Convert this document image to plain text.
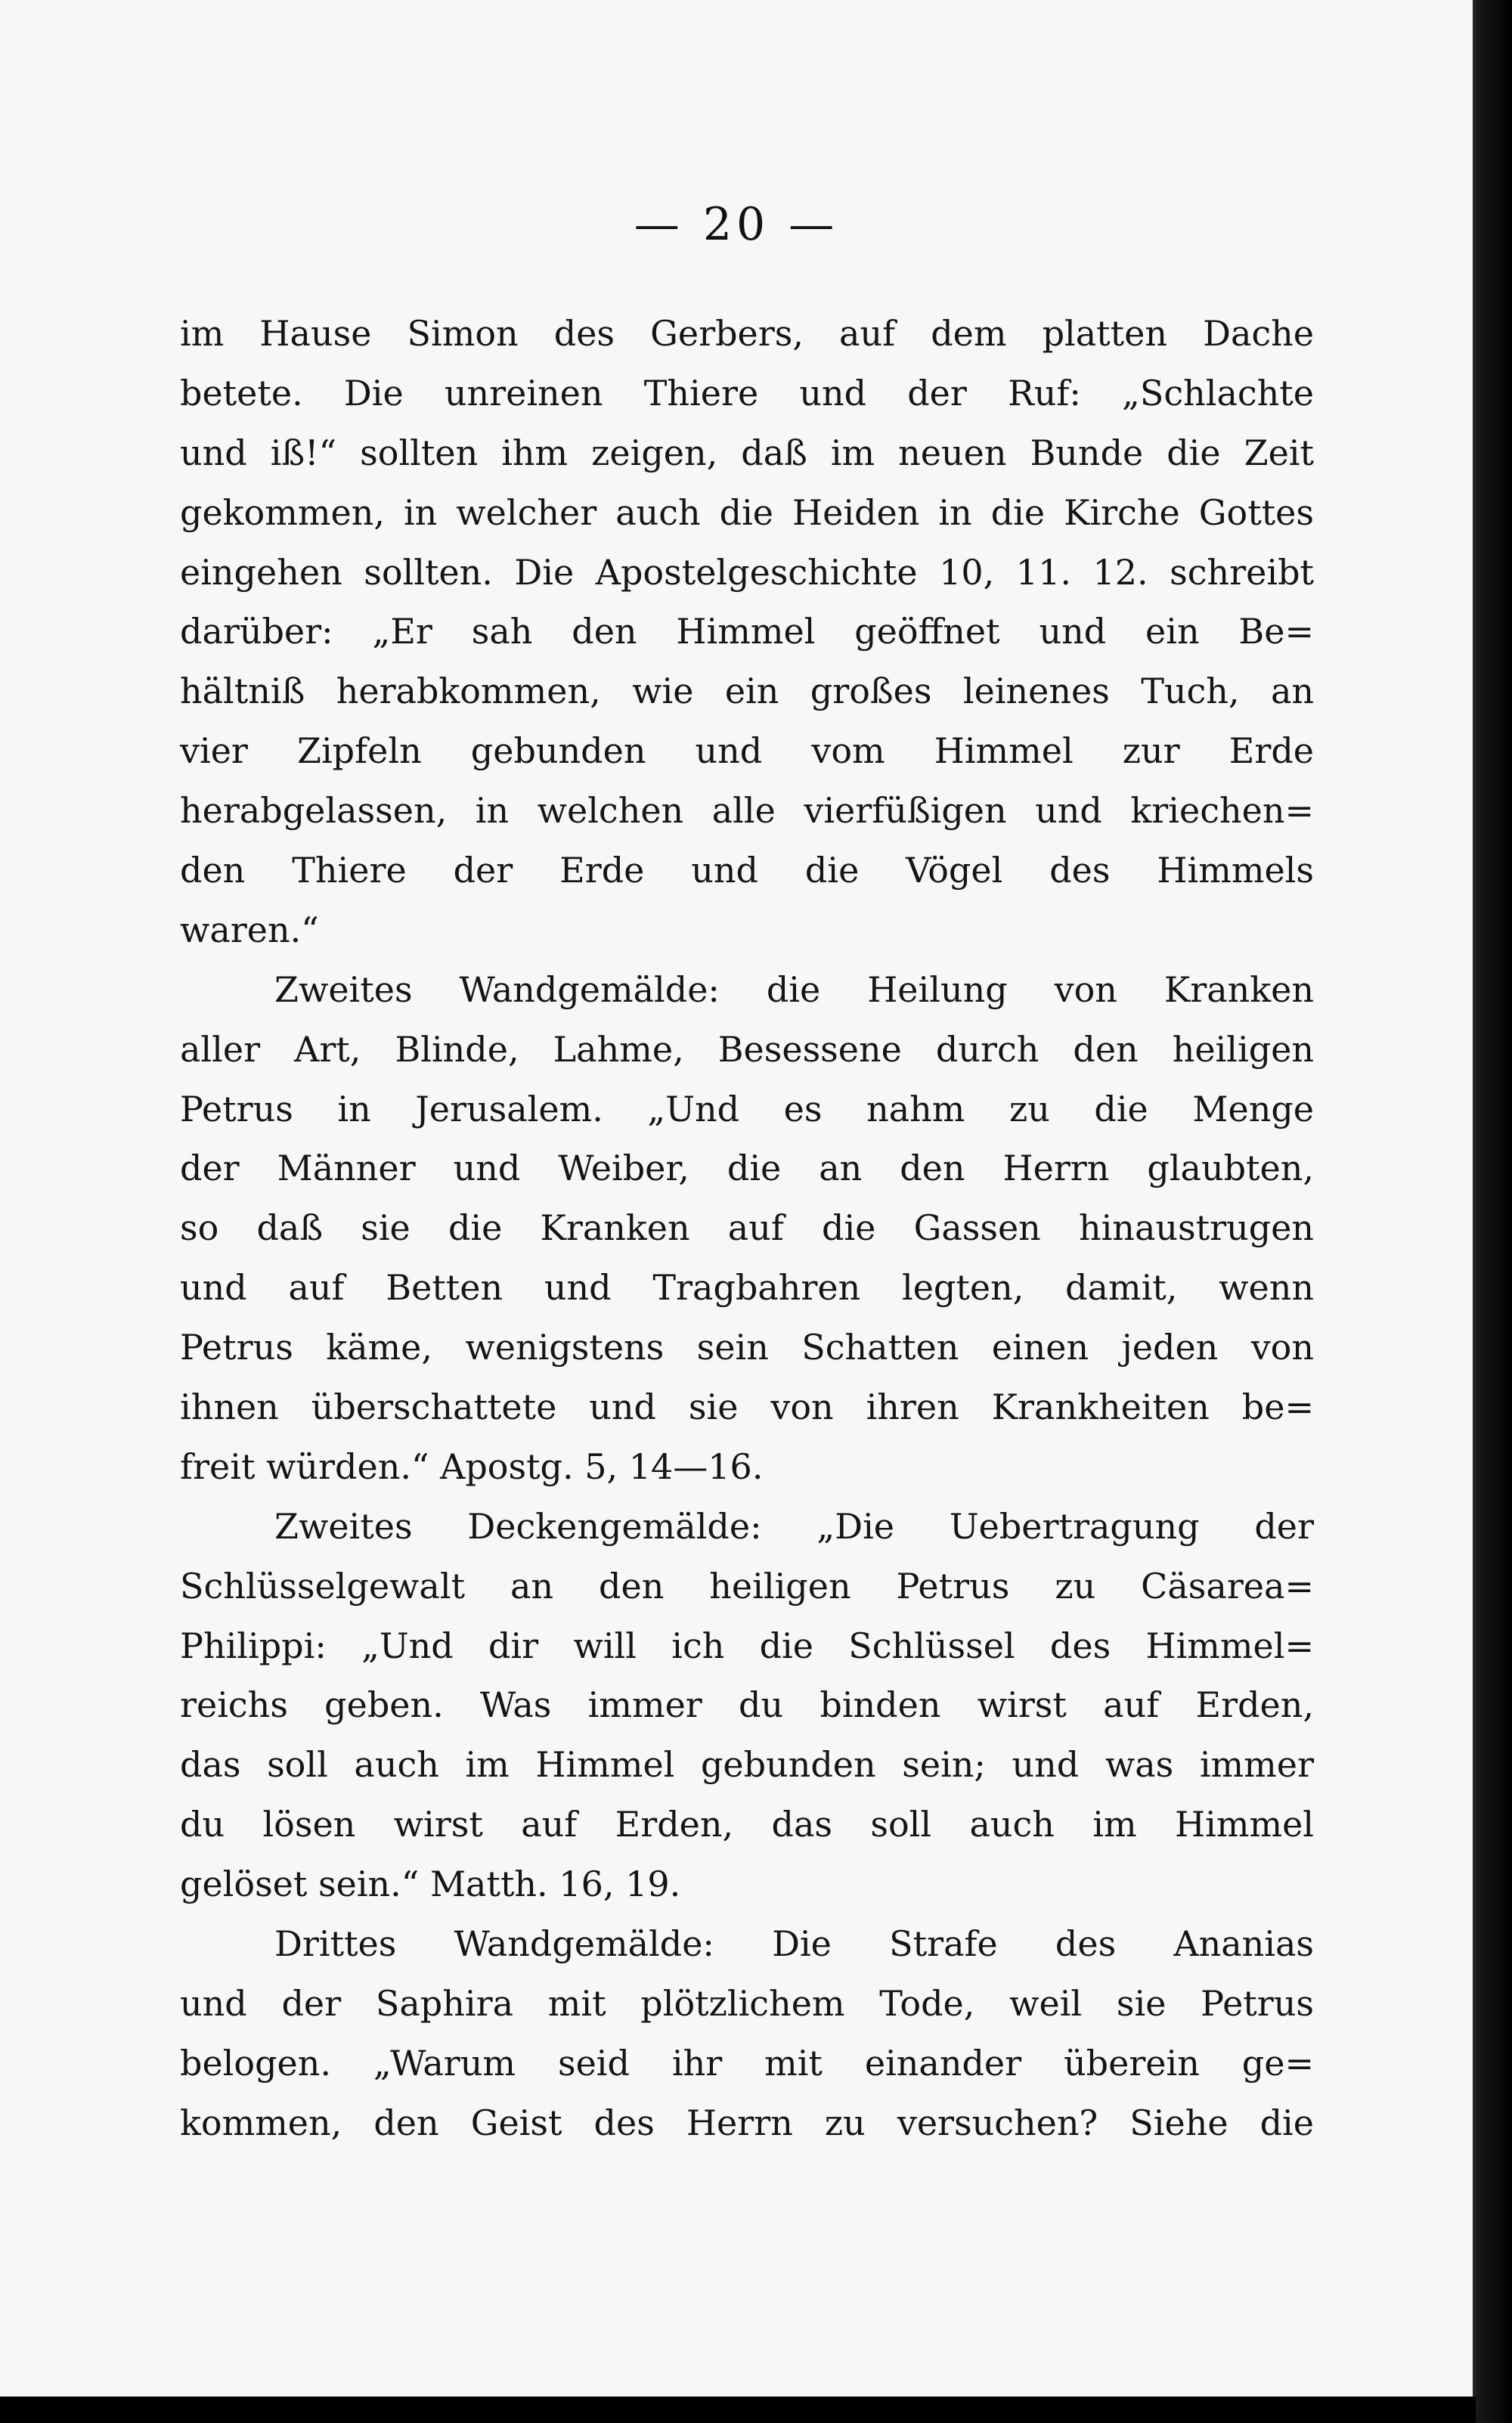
— 20 —
im Hause Simon des Gerbers, auf dem platten Dache
betete. Die unreinen Thiere und der Ruf: „Schlachte
und iß!“ sollten ihm zeigen, daß im neuen Bunde die Zeit
gekommen, in welcher auch die Heiden in die Kirche Gottes
eingehen sollten. Die Apostelgeschichte 10, 11. 12. schreibt
darüber: „Er sah den Himmel geöffnet und ein Be=
hältniß herabkommen, wie ein großes leinenes Tuch, an
vier Zipfeln gebunden und vom Himmel zur Erde
herabgelassen, in welchen alle vierfüßigen und kriechen=
den Thiere der Erde und die Vögel des Himmels
waren.“
Zweites Wandgemälde: die Heilung von Kranken
aller Art, Blinde, Lahme, Besessene durch den heiligen
Petrus in Jerusalem. „Und es nahm zu die Menge
der Männer und Weiber, die an den Herrn glaubten,
so daß sie die Kranken auf die Gassen hinaustrugen
und auf Betten und Tragbahren legten, damit, wenn
Petrus käme, wenigstens sein Schatten einen jeden von
ihnen überschattete und sie von ihren Krankheiten be=
freit würden.“ Apostg. 5, 14—16.
Zweites Deckengemälde: „Die Uebertragung der
Schlüsselgewalt an den heiligen Petrus zu Cäsarea=
Philippi: „Und dir will ich die Schlüssel des Himmel=
reichs geben. Was immer du binden wirst auf Erden,
das soll auch im Himmel gebunden sein; und was immer
du lösen wirst auf Erden, das soll auch im Himmel
gelöset sein.“ Matth. 16, 19.
Drittes Wandgemälde: Die Strafe des Ananias
und der Saphira mit plötzlichem Tode, weil sie Petrus
belogen. „Warum seid ihr mit einander überein ge=
kommen, den Geist des Herrn zu versuchen? Siehe die
